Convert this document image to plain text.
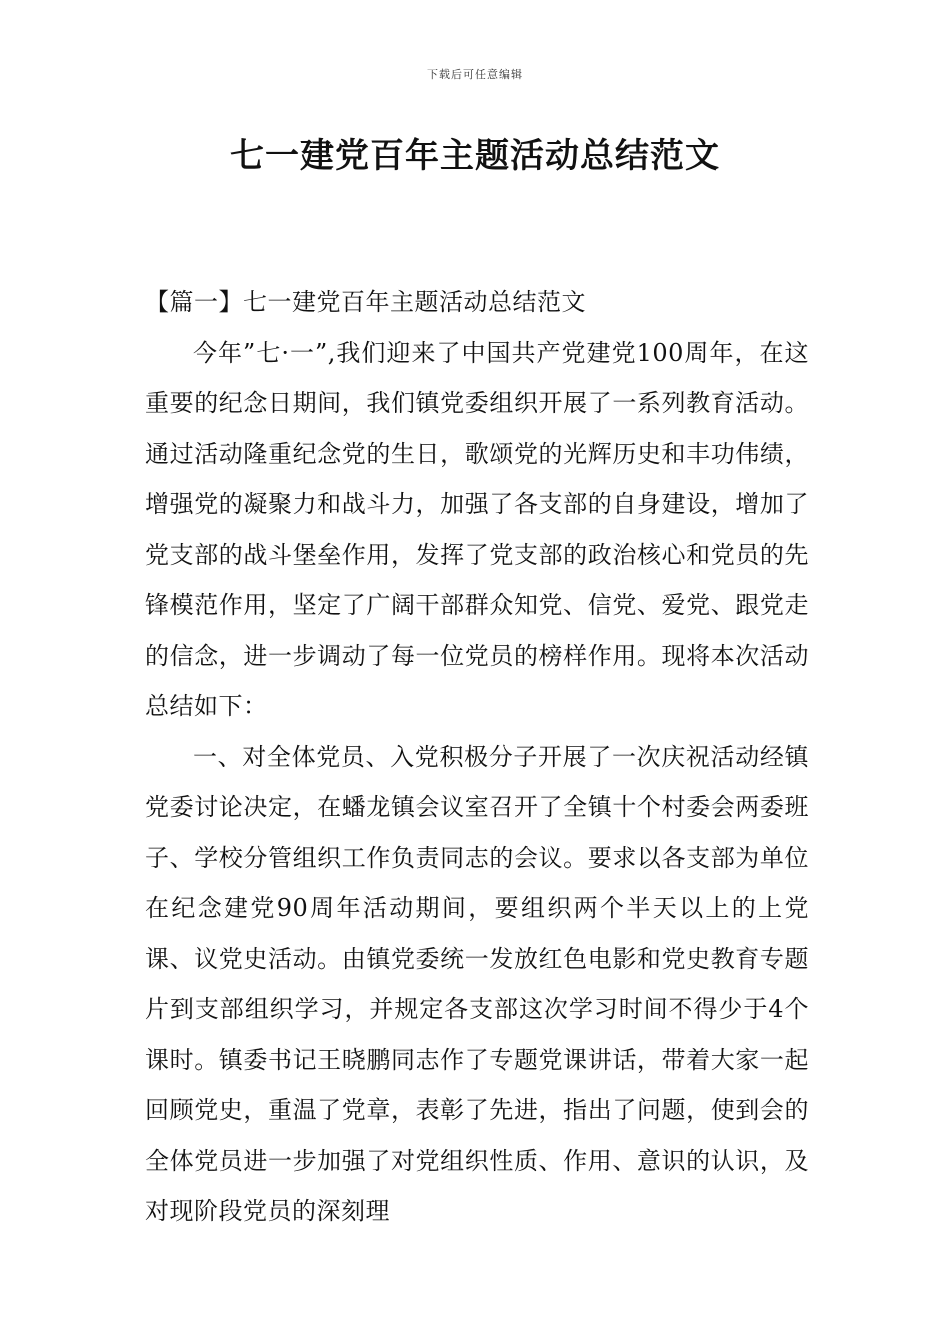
下载后可任意编辑
七一建党百年主题活动总结范文

【篇一】七一建党百年主题活动总结范文

今年”七·一”,我们迎来了中国共产党建党100周年，在这重要的纪念日期间，我们镇党委组织开展了一系列教育活动。通过活动隆重纪念党的生日，歌颂党的光辉历史和丰功伟绩，增强党的凝聚力和战斗力，加强了各支部的自身建设，增加了党支部的战斗堡垒作用，发挥了党支部的政治核心和党员的先锋模范作用，坚定了广阔干部群众知党、信党、爱党、跟党走的信念，进一步调动了每一位党员的榜样作用。现将本次活动总结如下：

一、对全体党员、入党积极分子开展了一次庆祝活动经镇党委讨论决定，在蟠龙镇会议室召开了全镇十个村委会两委班子、学校分管组织工作负责同志的会议。要求以各支部为单位在纪念建党90周年活动期间，要组织两个半天以上的上党课、议党史活动。由镇党委统一发放红色电影和党史教育专题片到支部组织学习，并规定各支部这次学习时间不得少于4个课时。镇委书记王晓鹏同志作了专题党课讲话，带着大家一起回顾党史，重温了党章，表彰了先进，指出了问题，使到会的全体党员进一步加强了对党组织性质、作用、意识的认识，及对现阶段党员的深刻理
